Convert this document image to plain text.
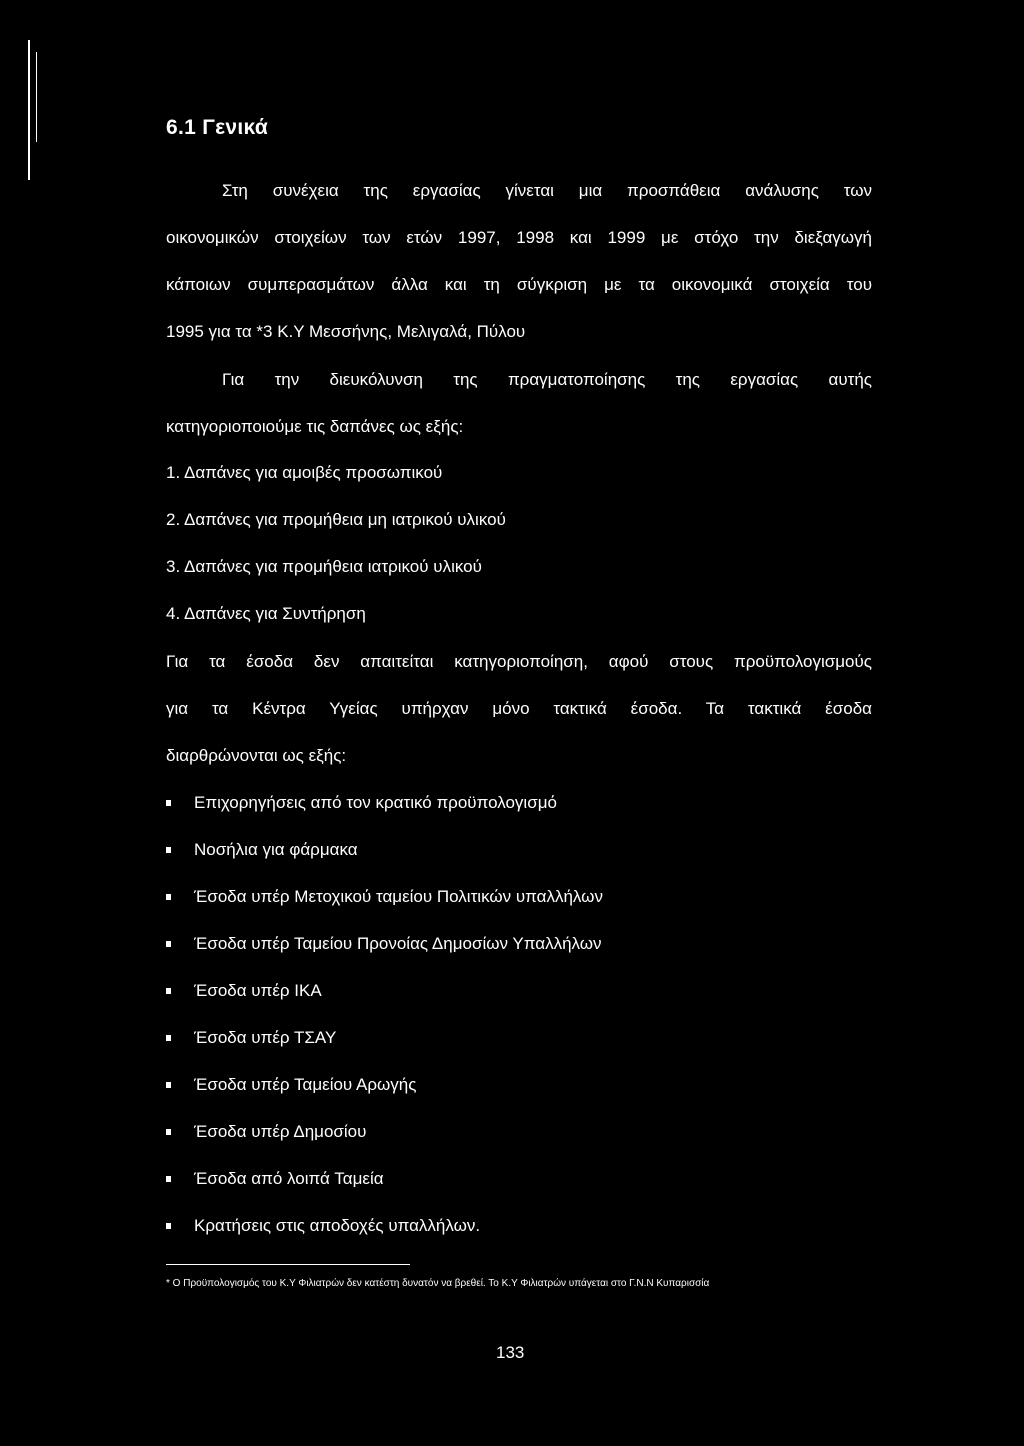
6.1 Γενικά
Στη συνέχεια της εργασίας γίνεται μια προσπάθεια ανάλυσης των
οικονομικών στοιχείων των ετών 1997, 1998 και 1999 με στόχο την διεξαγωγή
κάποιων συμπερασμάτων άλλα και τη σύγκριση με τα οικονομικά στοιχεία του
1995 για τα *3 Κ.Υ Μεσσήνης, Μελιγαλά, Πύλου
Για την διευκόλυνση της πραγματοποίησης της εργασίας αυτής
κατηγοριοποιούμε τις δαπάνες ως εξής:
1. Δαπάνες για αμοιβές προσωπικού
2. Δαπάνες για προμήθεια μη ιατρικού υλικού
3. Δαπάνες για προμήθεια ιατρικού υλικού
4. Δαπάνες για Συντήρηση
Για τα έσοδα δεν απαιτείται κατηγοριοποίηση, αφού στους προϋπολογισμούς
για τα Κέντρα Υγείας υπήρχαν μόνο τακτικά έσοδα. Τα τακτικά έσοδα
διαρθρώνονται ως εξής:
Επιχορηγήσεις από τον κρατικό προϋπολογισμό
Νοσήλια για φάρμακα
Έσοδα υπέρ Μετοχικού ταμείου Πολιτικών υπαλλήλων
Έσοδα υπέρ Ταμείου Προνοίας Δημοσίων Υπαλλήλων
Έσοδα υπέρ ΙΚΑ
Έσοδα υπέρ ΤΣΑΥ
Έσοδα υπέρ Ταμείου Αρωγής
Έσοδα υπέρ Δημοσίου
Έσοδα από λοιπά Ταμεία
Κρατήσεις στις αποδοχές υπαλλήλων.
* Ο Προϋπολογισμός του Κ.Υ Φιλιατρών δεν κατέστη δυνατόν να βρεθεί. Το Κ.Υ Φιλιατρών υπάγεται στο Γ.Ν.Ν Κυπαρισσία
133
